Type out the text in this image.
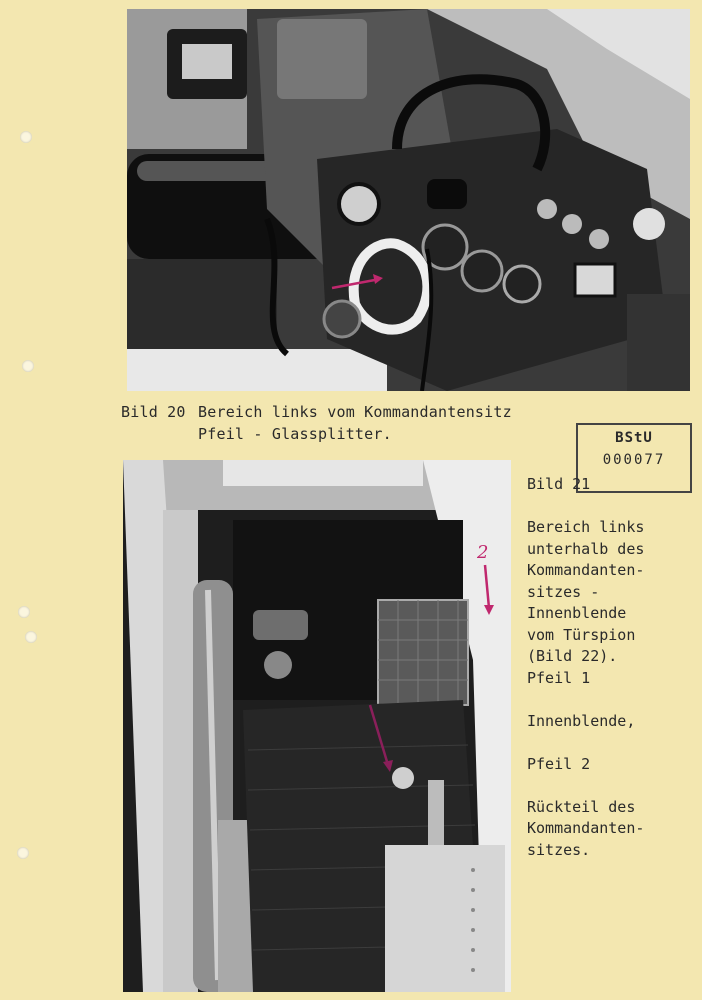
Bild 20 Bereich links vom Kommandantensitz
Pfeil - Glassplitter.	BStU
000077
2
Bild 21
Bereich links
unterhalb des
Kommandanten-
sitzes -
Innenblende
vom Türspion
(Bild 22).
Pfeil 1
Innenblende,
Pfeil 2
Rückteil des
Kommandanten-
sitzes.
